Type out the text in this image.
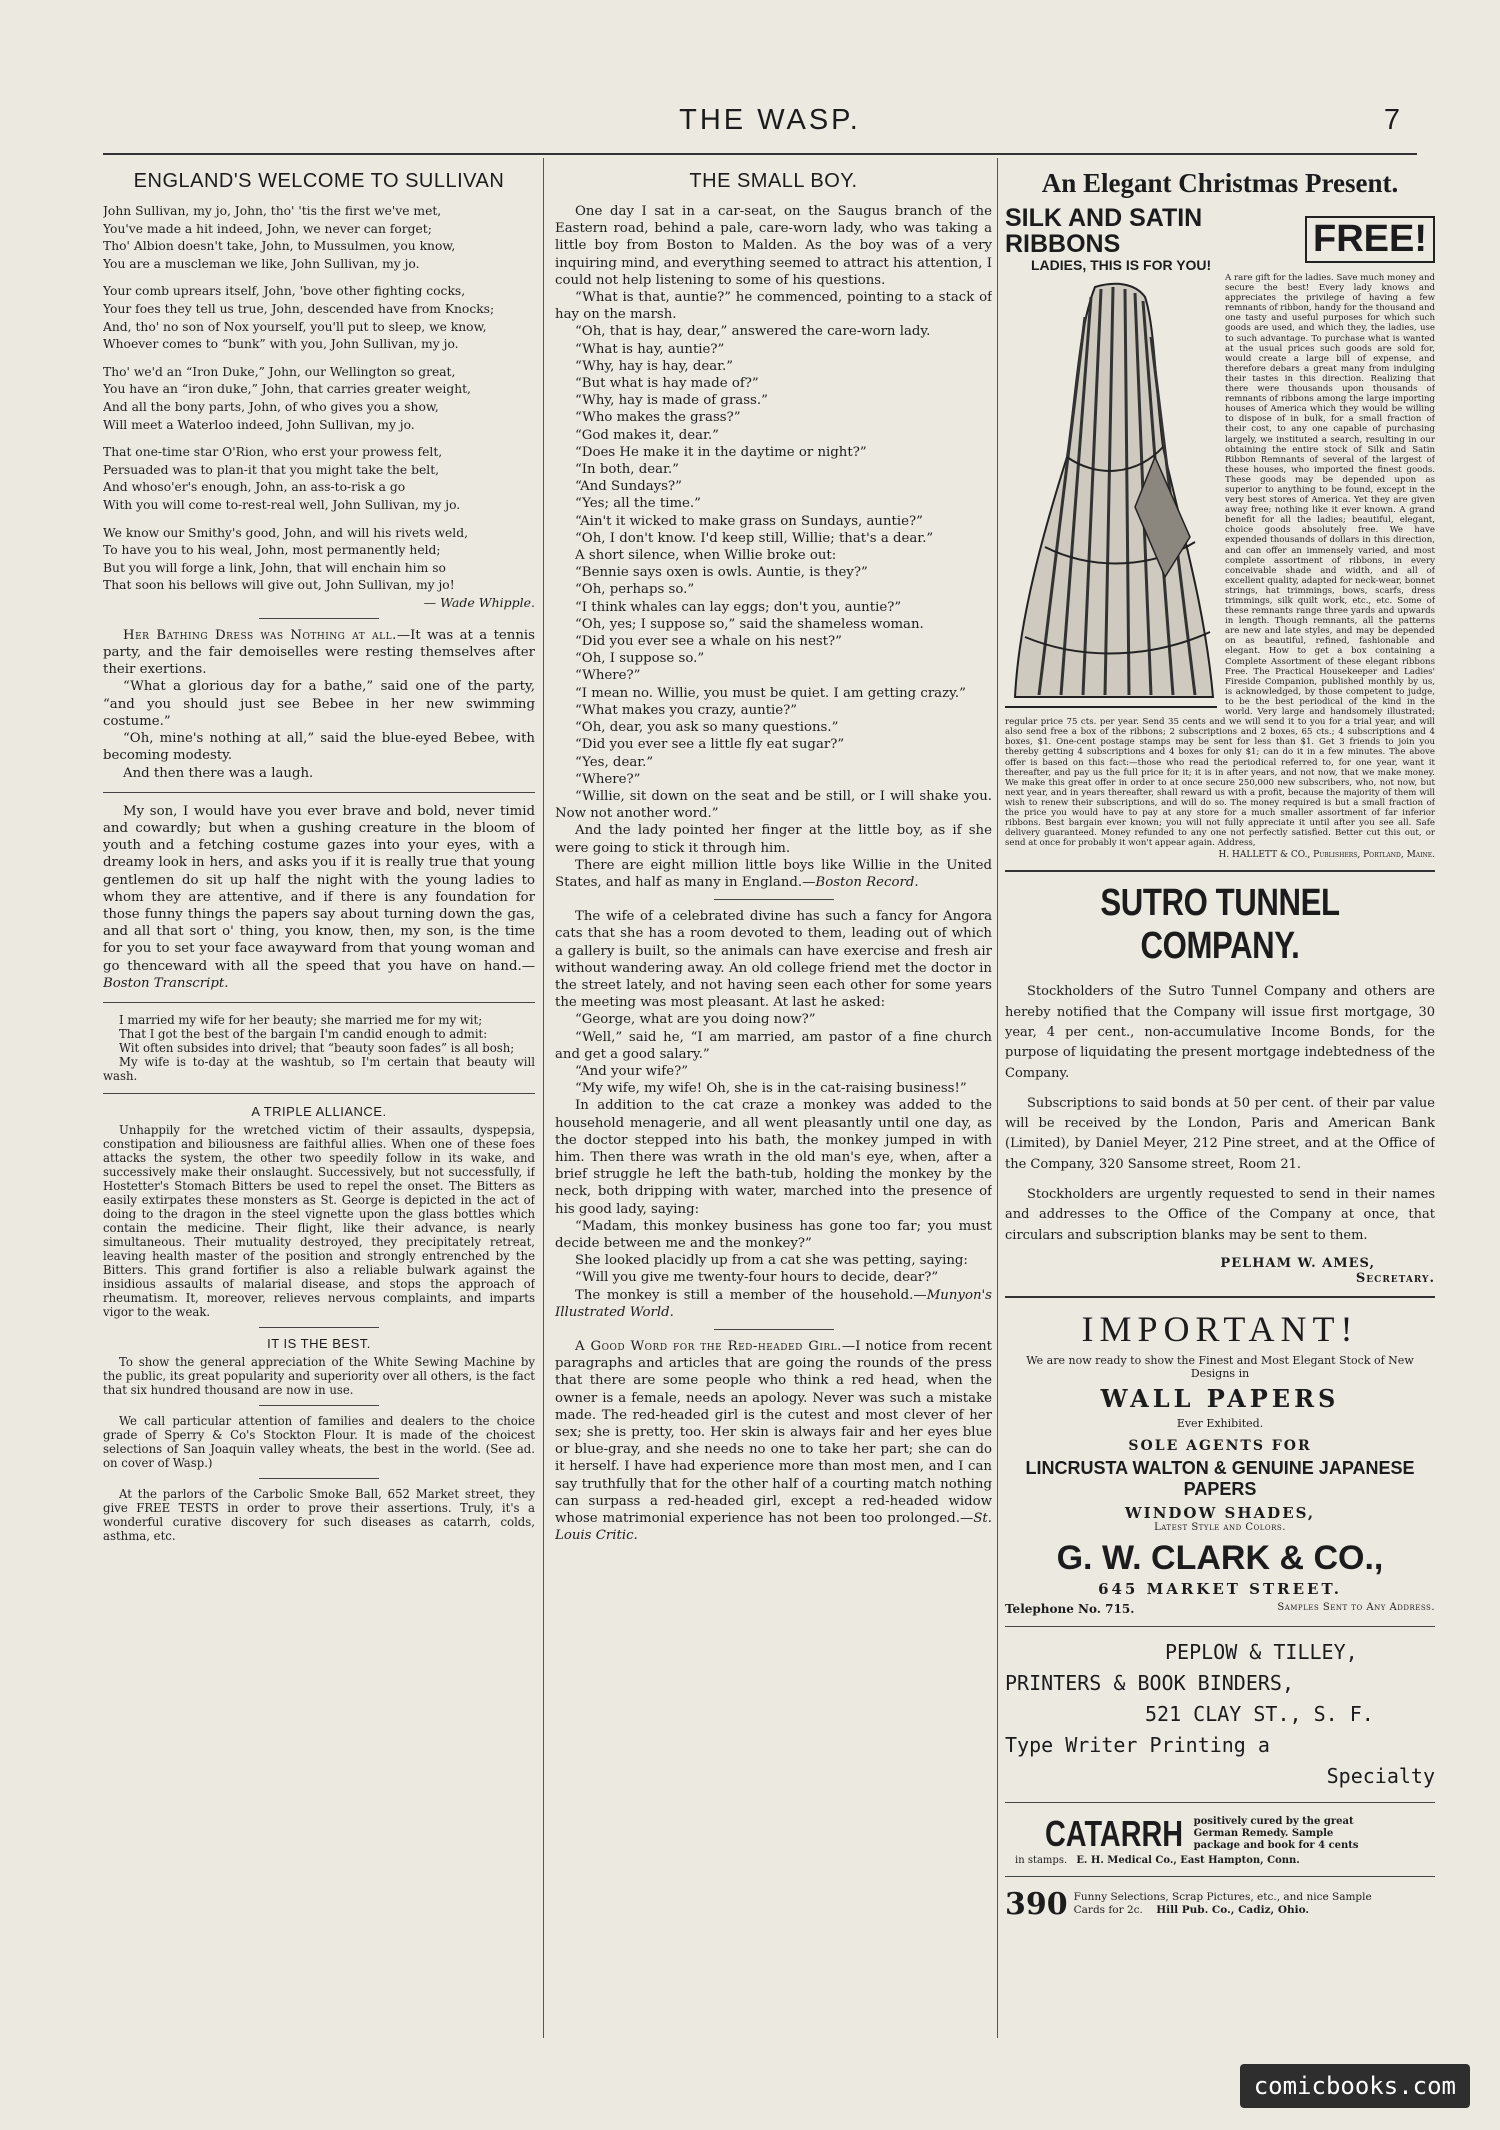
THE WASP.	7
ENGLAND'S WELCOME TO SULLIVAN

John Sullivan, my jo, John, tho' 'tis the first we've met,

You've made a hit indeed, John, we never can forget;

Tho' Albion doesn't take, John, to Mussulmen, you know,

You are a muscleman we like, John Sullivan, my jo.

Your comb uprears itself, John, 'bove other fighting cocks,

Your foes they tell us true, John, descended have from Knocks;

And, tho' no son of Nox yourself, you'll put to sleep, we know,

Whoever comes to “bunk” with you, John Sullivan, my jo.

Tho' we'd an “Iron Duke,” John, our Wellington so great,

You have an “iron duke,” John, that carries greater weight,

And all the bony parts, John, of who gives you a show,

Will meet a Waterloo indeed, John Sullivan, my jo.

That one-time star O'Rion, who erst your prowess felt,

Persuaded was to plan-it that you might take the belt,

And whoso'er's enough, John, an ass-to-risk a go

With you will come to-rest-real well, John Sullivan, my jo.

We know our Smithy's good, John, and will his rivets weld,

To have you to his weal, John, most permanently held;

But you will forge a link, John, that will enchain him so

That soon his bellows will give out, John Sullivan, my jo!

— Wade Whipple.

Her Bathing Dress was Nothing at all.—It was at a tennis party, and the fair demoiselles were resting themselves after their exertions.

“What a glorious day for a bathe,” said one of the party, “and you should just see Bebee in her new swimming costume.”

“Oh, mine's nothing at all,” said the blue-eyed Bebee, with becoming modesty.

And then there was a laugh.

My son, I would have you ever brave and bold, never timid and cowardly; but when a gushing creature in the bloom of youth and a fetching costume gazes into your eyes, with a dreamy look in hers, and asks you if it is really true that young gentlemen do sit up half the night with the young ladies to whom they are attentive, and if there is any foundation for those funny things the papers say about turning down the gas, and all that sort o' thing, you know, then, my son, is the time for you to set your face awayward from that young woman and go thenceward with all the speed that you have on hand.—Boston Transcript.

I married my wife for her beauty; she married me for my wit;

That I got the best of the bargain I'm candid enough to admit:

Wit often subsides into drivel; that “beauty soon fades” is all bosh;

My wife is to-day at the washtub, so I'm certain that beauty will wash.

A TRIPLE ALLIANCE.

Unhappily for the wretched victim of their assaults, dyspepsia, constipation and biliousness are faithful allies. When one of these foes attacks the system, the other two speedily follow in its wake, and successively make their onslaught. Successively, but not successfully, if Hostetter's Stomach Bitters be used to repel the onset. The Bitters as easily extirpates these monsters as St. George is depicted in the act of doing to the dragon in the steel vignette upon the glass bottles which contain the medicine. Their flight, like their advance, is nearly simultaneous. Their mutuality destroyed, they precipitately retreat, leaving health master of the position and strongly entrenched by the Bitters. This grand fortifier is also a reliable bulwark against the insidious assaults of malarial disease, and stops the approach of rheumatism. It, moreover, relieves nervous complaints, and imparts vigor to the weak.

IT IS THE BEST.

To show the general appreciation of the White Sewing Machine by the public, its great popularity and superiority over all others, is the fact that six hundred thousand are now in use.

We call particular attention of families and dealers to the choice grade of Sperry & Co's Stockton Flour. It is made of the choicest selections of San Joaquin valley wheats, the best in the world. (See ad. on cover of Wasp.)

At the parlors of the Carbolic Smoke Ball, 652 Market street, they give FREE TESTS in order to prove their assertions. Truly, it's a wonderful curative discovery for such diseases as catarrh, colds, asthma, etc.

THE SMALL BOY.

One day I sat in a car-seat, on the Saugus branch of the Eastern road, behind a pale, care-worn lady, who was taking a little boy from Boston to Malden. As the boy was of a very inquiring mind, and everything seemed to attract his attention, I could not help listening to some of his questions.

“What is that, auntie?” he commenced, pointing to a stack of hay on the marsh.

“Oh, that is hay, dear,” answered the care-worn lady.

“What is hay, auntie?”

“Why, hay is hay, dear.”

“But what is hay made of?”

“Why, hay is made of grass.”

“Who makes the grass?”

“God makes it, dear.”

“Does He make it in the daytime or night?”

“In both, dear.”

“And Sundays?”

“Yes; all the time.”

“Ain't it wicked to make grass on Sundays, auntie?”

“Oh, I don't know. I'd keep still, Willie; that's a dear.”

A short silence, when Willie broke out:

“Bennie says oxen is owls. Auntie, is they?”

“Oh, perhaps so.”

“I think whales can lay eggs; don't you, auntie?”

“Oh, yes; I suppose so,” said the shameless woman.

“Did you ever see a whale on his nest?”

“Oh, I suppose so.”

“Where?”

“I mean no. Willie, you must be quiet. I am getting crazy.”

“What makes you crazy, auntie?”

“Oh, dear, you ask so many questions.”

“Did you ever see a little fly eat sugar?”

“Yes, dear.”

“Where?”

“Willie, sit down on the seat and be still, or I will shake you. Now not another word.”

And the lady pointed her finger at the little boy, as if she were going to stick it through him.

There are eight million little boys like Willie in the United States, and half as many in England.—Boston Record.

The wife of a celebrated divine has such a fancy for Angora cats that she has a room devoted to them, leading out of which a gallery is built, so the animals can have exercise and fresh air without wandering away. An old college friend met the doctor in the street lately, and not having seen each other for some years the meeting was most pleasant. At last he asked:

“George, what are you doing now?”

“Well,” said he, “I am married, am pastor of a fine church and get a good salary.”

“And your wife?”

“My wife, my wife! Oh, she is in the cat-raising business!”

In addition to the cat craze a monkey was added to the household menagerie, and all went pleasantly until one day, as the doctor stepped into his bath, the monkey jumped in with him. Then there was wrath in the old man's eye, when, after a brief struggle he left the bath-tub, holding the monkey by the neck, both dripping with water, marched into the presence of his good lady, saying:

“Madam, this monkey business has gone too far; you must decide between me and the monkey?”

She looked placidly up from a cat she was petting, saying:

“Will you give me twenty-four hours to decide, dear?”

The monkey is still a member of the household.—Munyon's Illustrated World.

A Good Word for the Red-headed Girl.—I notice from recent paragraphs and articles that are going the rounds of the press that there are some people who think a red head, when the owner is a female, needs an apology. Never was such a mistake made. The red-headed girl is the cutest and most clever of her sex; she is pretty, too. Her skin is always fair and her eyes blue or blue-gray, and she needs no one to take her part; she can do it herself. I have had experience more than most men, and I can say truthfully that for the other half of a courting match nothing can surpass a red-headed girl, except a red-headed widow whose matrimonial experience has not been too prolonged.—St. Louis Critic.

An Elegant Christmas Present.
SILK AND SATIN RIBBONS
LADIES, THIS IS FOR YOU!
FREE!

A rare gift for the ladies. Save much money and secure the best! Every lady knows and appreciates the privilege of having a few remnants of ribbon, handy for the thousand and one tasty and useful purposes for which such goods are used, and which they, the ladies, use to such advantage. To purchase what is wanted at the usual prices such goods are sold for, would create a large bill of expense, and therefore debars a great many from indulging their tastes in this direction. Realizing that there were thousands upon thousands of remnants of ribbons among the large importing houses of America which they would be willing to dispose of in bulk, for a small fraction of their cost, to any one capable of purchasing largely, we instituted a search, resulting in our obtaining the entire stock of Silk and Satin Ribbon Remnants of several of the largest of these houses, who imported the finest goods. These goods may be depended upon as superior to anything to be found, except in the very best stores of America. Yet they are given away free; nothing like it ever known. A grand benefit for all the ladies; beautiful, elegant, choice goods absolutely free. We have expended thousands of dollars in this direction, and can offer an immensely varied, and most complete assortment of ribbons, in every conceivable shade and width, and all of excellent quality, adapted for neck-wear, bonnet strings, hat trimmings, bows, scarfs, dress trimmings, silk quilt work, etc., etc. Some of these remnants range three yards and upwards in length. Though remnants, all the patterns are new and late styles, and may be depended on as beautiful, refined, fashionable and elegant. How to get a box containing a Complete Assortment of these elegant ribbons Free. The Practical Housekeeper and Ladies' Fireside Companion, published monthly by us, is acknowledged, by those competent to judge, to be the best periodical of the kind in the world. Very large and handsomely illustrated; regular price 75 cts. per year. Send 35 cents and we will send it to you for a trial year, and will also send free a box of the ribbons; 2 subscriptions and 2 boxes, 65 cts.; 4 subscriptions and 4 boxes, $1. One-cent postage stamps may be sent for less than $1. Get 3 friends to join you thereby getting 4 subscriptions and 4 boxes for only $1; can do it in a few minutes. The above offer is based on this fact:—those who read the periodical referred to, for one year, want it thereafter, and pay us the full price for it; it is in after years, and not now, that we make money. We make this great offer in order to at once secure 250,000 new subscribers, who, not now, but next year, and in years thereafter, shall reward us with a profit, because the majority of them will wish to renew their subscriptions, and will do so. The money required is but a small fraction of the price you would have to pay at any store for a much smaller assortment of far inferior ribbons. Best bargain ever known; you will not fully appreciate it until after you see all. Safe delivery guaranteed. Money refunded to any one not perfectly satisfied. Better cut this out, or send at once for probably it won't appear again. Address,

H. HALLETT & CO., Publishers, Portland, Maine.

SUTRO TUNNEL COMPANY.

Stockholders of the Sutro Tunnel Company and others are hereby notified that the Company will issue first mortgage, 30 year, 4 per cent., non-accumulative Income Bonds, for the purpose of liquidating the present mortgage indebtedness of the Company.

Subscriptions to said bonds at 50 per cent. of their par value will be received by the London, Paris and American Bank (Limited), by Daniel Meyer, 212 Pine street, and at the Office of the Company, 320 Sansome street, Room 21.

Stockholders are urgently requested to send in their names and addresses to the Office of the Company at once, that circulars and subscription blanks may be sent to them.

PELHAM W. AMES,

Secretary.

IMPORTANT!

We are now ready to show the Finest and Most Elegant Stock of New Designs in

WALL PAPERS

Ever Exhibited.

SOLE AGENTS FOR

LINCRUSTA WALTON & GENUINE JAPANESE PAPERS

WINDOW SHADES,

Latest Style and Colors.

G. W. CLARK & CO.,

645 MARKET STREET.

Telephone No. 715.	Samples Sent to Any Address.
PEPLOW & TILLEY,
PRINTERS & BOOK BINDERS,
521 CLAY ST., S. F.
Type Writer Printing a
Specialty
CATARRH positively cured by the great
German Remedy. Sample
package and book for 4 cents
in stamps. E. H. Medical Co., East Hampton, Conn.
390 Funny Selections, Scrap Pictures, etc., and nice Sample
Cards for 2c. Hill Pub. Co., Cadiz, Ohio.
comicbooks.com
